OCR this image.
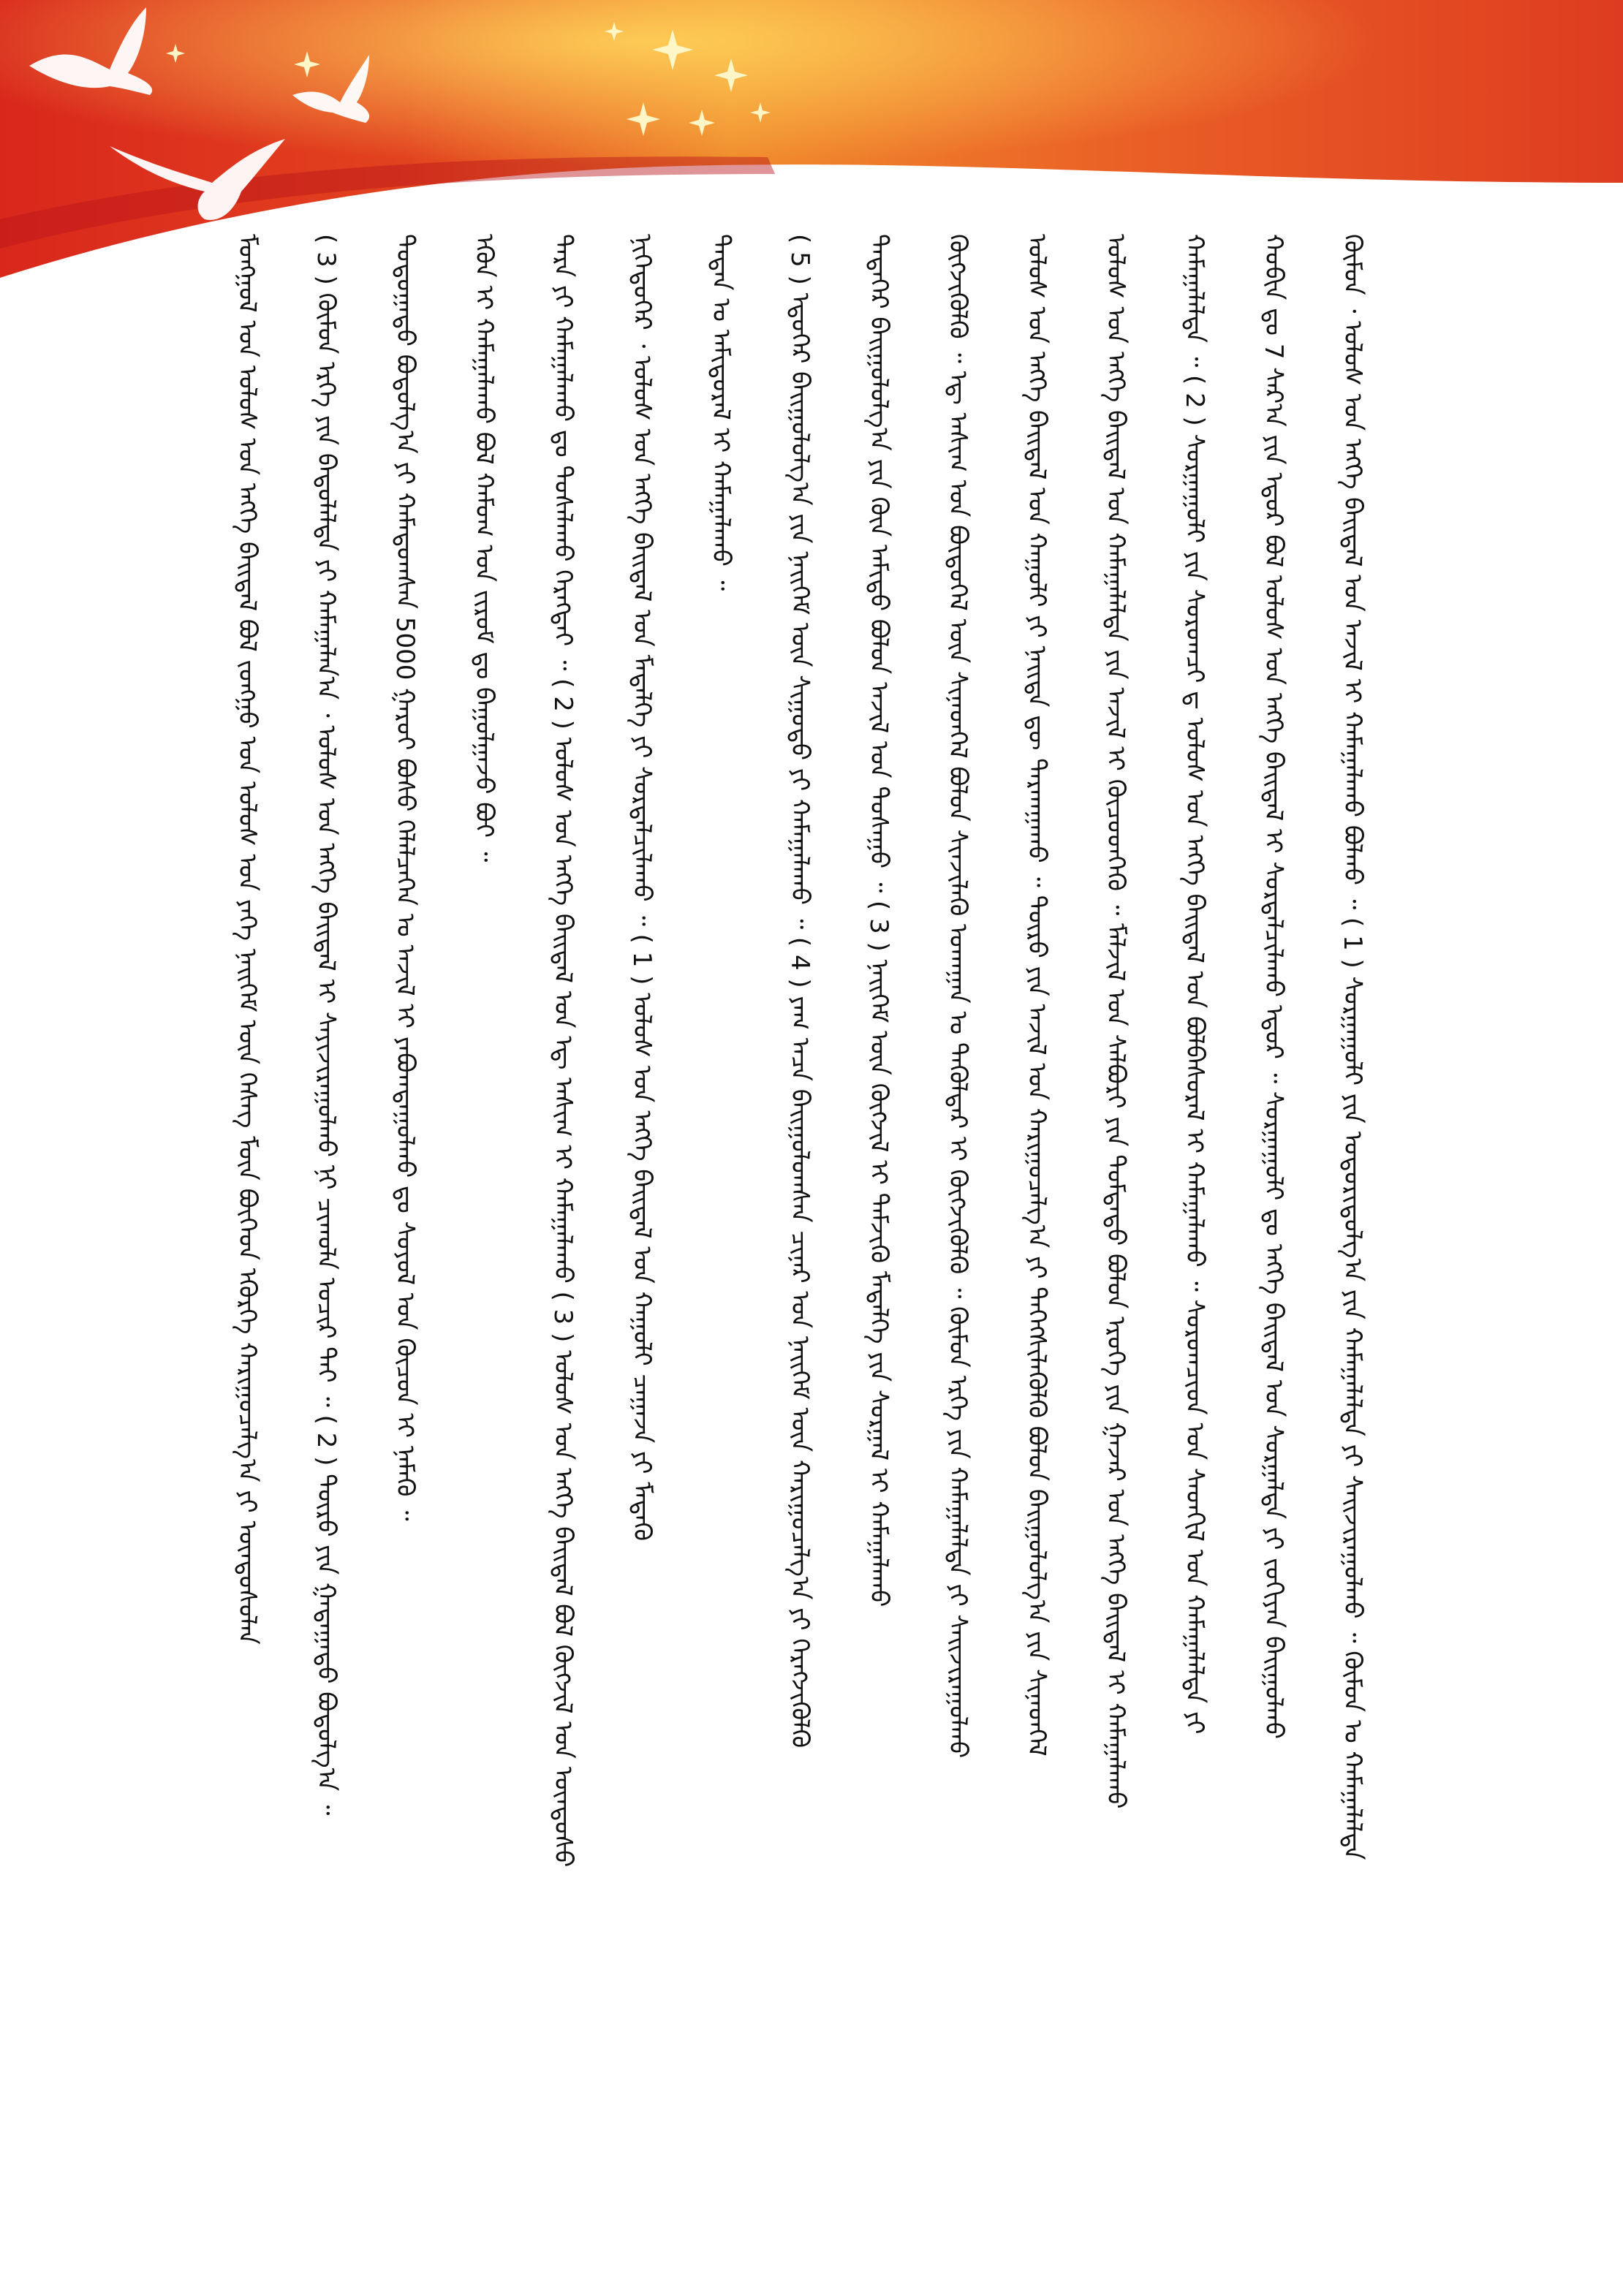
ᠮᠣᠩᠭᠣᠯ ᠤᠨ ᠤᠯᠤᠰ ᠤᠨ ᠡᠩᠭᠡ ᠪᠠᠢᠳᠠᠯ ᠪᠣᠯ ᠵᠣᠩᠭᠣ ᠤᠨ ᠤᠯᠤᠰ ᠤᠨ ᠶᠡᠬᠡ ᠨᠡᠢᠭᠡᠮ ᠦᠨ ᠬᠡᠰᠡᠭ ᠮᠥᠨ ᠪᠥᠭᠡᠳ ᠡᠭᠦᠷᠭᠡ ᠬᠠᠷᠢᠭᠤᠴᠠᠯᠭ᠎ᠠ ᠶᠢ ᠦᠨᠳᠦᠰᠦᠯᠡᠨ ( 3 ) ᠬᠦᠮᠦᠨ ᠡᠷᠬᠡ ᠶᠢᠨ ᠪᠠᠲᠤᠯᠠᠯᠲᠠ ᠶᠢ ᠬᠠᠮᠠᠭᠠᠯᠠᠨ᠎ᠠ ᠂ ᠤᠯᠤᠰ ᠤᠨ ᠡᠩᠭᠡ ᠪᠠᠢᠳᠠᠯ ᠢ ᠰᠠᠶᠢᠵᠢᠷᠠᠭᠤᠯᠬᠤ ᠨᠢ ᠴᠢᠬᠤᠯᠠ ᠤᠴᠢᠷ ᠲᠠᠢ ᠃ ( 2 ) ᠲᠥᠷᠥ ᠶᠢᠨ ᠭᠠᠳᠠᠭᠠᠳᠤ ᠪᠣᠳᠣᠯᠭ᠎ᠠ ᠃ ᠳᠣᠲᠣᠭᠠᠳᠤ ᠪᠣᠳᠣᠯᠭ᠎ᠠ ᠶᠢ ᠬᠠᠮᠠᠳᠤᠭᠰᠠᠨ 5000 ᠭᠠᠷᠤᠢ ᠪᠤᠰᠤ ᠬᠡᠯᠡᠯᠴᠡᠭᠡᠨ ᠤ ᠠᠵᠢᠯ ᠢ ᠶᠠᠪᠤᠭᠳᠠᠭᠤᠯᠬᠤ ᠳᠤ ᠰᠣᠶᠣᠯ ᠤᠨ ᠬᠦᠴᠦᠨ ᠢ ᠨᠡᠮᠡᠬᠦ ᠃ ᠡᠭᠦᠨ ᠢ ᠬᠠᠮᠠᠭᠠᠯᠠᠬᠤ ᠪᠣᠯ ᠬᠠᠮᠤᠭ ᠤᠨ ᠵᠢᠷᠤᠮ ᠳᠤ ᠪᠠᠭᠤᠯᠭᠠᠵᠤ ᠪᠣᠢ ᠃ ᠲᠡᠷᠡ ᠶᠢ ᠬᠠᠮᠠᠭᠠᠯᠠᠬᠤ ᠳᠣ ᠲᠤᠰᠠᠯᠠᠬᠤ ᠬᠡᠷᠡᠭᠲᠡᠢ ᠃ ( 2 ) ᠤᠯᠤᠰ ᠤᠨ ᠡᠩᠭᠡ ᠪᠠᠢᠳᠠᠯ ᠤᠨ ᠡᠳ᠋ ᠠᠰᠢᠭ ᠢ ᠬᠠᠮᠠᠭᠠᠯᠠᠬᠤ ( 3 ) ᠤᠯᠤᠰ ᠤᠨ ᠡᠩᠭᠡ ᠪᠠᠢᠳᠠᠯ ᠪᠣᠯ ᠬᠥᠭᠵᠢᠯ ᠤᠨ ᠦᠨᠳᠦᠰᠦ ᠨᠢᠭᠡᠳᠦᠭᠡᠷ ᠂ ᠤᠯᠤᠰ ᠤᠨ ᠡᠩᠭᠡ ᠪᠠᠢᠳᠠᠯ ᠤᠨ ᠮᠡᠳᠡᠯᠭᠡ ᠶᠢ ᠰᠤᠷᠲᠠᠯᠴᠢᠯᠠᠬᠤ ᠃ ( 1 ) ᠤᠯᠤᠰ ᠤᠨ ᠡᠩᠭᠡ ᠪᠠᠢᠳᠠᠯ ᠤᠨ ᠬᠠᠭᠤᠯᠢ ᠴᠠᠭᠠᠵᠠ ᠶᠢ ᠮᠡᠳᠡᠬᠦ ᠲᠡᠳᠡᠨ ᠤ ᠠᠮᠢᠳᠤᠷᠠᠯ ᠢ ᠬᠠᠮᠠᠭᠠᠯᠠᠬᠤ ᠃ ( 5 ) ᠡᠳᠦᠭᠡᠷ ᠪᠠᠢᠭᠤᠯᠤᠯᠭ᠎ᠠ ᠶᠢᠨ ᠨᠡᠢᠭᠡᠮ ᠦᠨ ᠰᠢᠭ᠋ᠤᠳᠤ ᠶᠢ ᠬᠠᠮᠠᠭᠠᠯᠠᠬᠤ ᠃ ( 4 ) ᠶᠠᠭ ᠠᠴᠠ ᠪᠠᠢᠭᠤᠯᠤᠭᠰᠠᠨ ᠴᠢᠨᠠᠷ ᠤᠨ ᠨᠡᠢᠭᠡᠮ ᠦᠨ ᠬᠠᠷᠢᠭᠤᠴᠠᠯᠭ᠎ᠠ ᠶᠢ ᠬᠡᠷᠡᠭᠵᠢᠭᠦᠯᠬᠦ ᠲᠡᠳᠡᠭᠡᠷ ᠪᠠᠢᠭᠤᠯᠤᠯᠭ᠎ᠠ ᠶᠢᠨ ᠬᠦᠨ ᠠᠮᠢᠳᠤ ᠪᠣᠯᠤᠨ ᠠᠵᠢᠯ ᠤᠨ ᠲᠤᠰᠠᠭᠤ ᠃ ( 3 ) ᠨᠡᠢᠭᠡᠮ ᠦᠨ ᠬᠥᠭᠵᠢᠯ ᠢ ᠳᠡᠮᠵᠢᠬᠦ ᠮᠡᠳᠡᠯᠭᠡ ᠶᠢᠨ ᠰᠤᠷᠭᠠᠯ ᠢ ᠬᠠᠮᠠᠭᠠᠯᠠᠬᠤ ᠬᠥᠭᠵᠢᠭᠦᠯᠬᠦ ᠃ ᠡᠳ᠋ ᠠᠰᠢᠭ ᠤᠨ ᠪᠦᠲᠦᠭᠡᠯ ᠦᠨ ᠰᠢᠨᠡᠳᠬᠡᠯ ᠪᠣᠯᠤᠨ ᠰᠢᠨᠵᠢᠯᠡᠬᠦ ᠤᠬᠠᠭᠠᠨ ᠤ ᠲᠡᠭᠦᠯᠳᠡᠷ ᠢ ᠬᠥᠭᠵᠢᠭᠦᠯᠬᠦ ᠃ ᠬᠦᠮᠦᠨ ᠡᠷᠬᠡ ᠶᠢᠨ ᠬᠠᠮᠠᠭᠠᠯᠠᠯᠲᠠ ᠶᠢ ᠰᠠᠢᠵᠢᠷᠠᠭᠤᠯᠬᠤ ᠤᠯᠤᠰ ᠤᠨ ᠡᠩᠭᠡ ᠪᠠᠢᠳᠠᠯ ᠤᠨ ᠬᠠᠭᠤᠯᠢ ᠶᠢ ᠨᠡᠢᠲᠡ ᠳᠦ ᠲᠠᠷᠬᠠᠭᠠᠬᠤ ᠃ ᠲᠥᠷᠥ ᠶᠢᠨ ᠠᠵᠢᠯ ᠤᠨ ᠬᠠᠷᠢᠭᠤᠴᠠᠯᠭ᠎ᠠ ᠶᠢ ᠳᠡᠭᠡᠭᠰᠢᠯᠡᠭᠦᠯᠬᠦ ᠪᠣᠯᠤᠨ ᠪᠠᠢᠭᠤᠯᠤᠯᠭ᠎ᠠ ᠶᠢᠨ ᠰᠢᠨᠡᠳᠬᠡᠯ ᠤᠯᠤᠰ ᠤᠨ ᠡᠩᠭᠡ ᠪᠠᠢᠳᠠᠯ ᠤᠨ ᠬᠠᠮᠠᠭᠠᠯᠠᠯᠲᠠ ᠶᠢᠨ ᠠᠵᠢᠯ ᠢ ᠬᠦᠴᠦᠳᠬᠡᠬᠦ ᠃ ᠮᠠᠯᠵᠢᠯ ᠤᠨ ᠰᠠᠯᠪᠤᠷᠢ ᠶᠢᠨ ᠳᠤᠮᠳᠠᠳᠤ ᠪᠣᠯᠤᠨ ᠡᠷᠦᠬᠡ ᠶᠢᠨ ᠭᠠᠵᠠᠷ ᠤᠨ ᠡᠩᠭᠡ ᠪᠠᠢᠳᠠᠯ ᠢ ᠬᠠᠮᠠᠭᠠᠯᠠᠬᠤ ᠬᠠᠮᠠᠭᠠᠯᠠᠯᠲᠠ ᠃ ( 2 ) ᠰᠤᠷᠭᠠᠭᠤᠯᠢ ᠶᠢᠨ ᠰᠤᠷᠤᠭᠴᠢ ᠳ ᠤᠯᠤᠰ ᠤᠨ ᠡᠩᠭᠡ ᠪᠠᠢᠳᠠᠯ ᠤᠨ ᠪᠣᠯᠪᠠᠰᠤᠷᠠᠯ ᠢ ᠬᠠᠮᠠᠭᠠᠯᠠᠬᠤ ᠃ ᠰᠤᠷᠤᠭᠴᠢᠳ ᠤᠨ ᠰᠡᠳᠬᠢᠯ ᠤᠨ ᠬᠠᠮᠠᠭᠠᠯᠠᠯᠲᠠ ᠶᠢ ᠬᠤᠪᠢᠨ ᠳᠤ 7 ᠰᠠᠷ᠎ᠠ ᠶᠢᠨ ᠡᠳᠦᠷ ᠪᠣᠯ ᠤᠯᠤᠰ ᠤᠨ ᠡᠩᠭᠡ ᠪᠠᠢᠳᠠᠯ ᠢ ᠰᠤᠷᠲᠠᠯᠴᠢᠯᠠᠬᠤ ᠡᠳᠦᠷ ᠃ ᠰᠤᠷᠭᠠᠭᠤᠯᠢ ᠳᠤ ᠡᠩᠭᠡ ᠪᠠᠢᠳᠠᠯ ᠤᠨ ᠰᠤᠷᠭᠠᠯᠲᠠ ᠶᠢ ᠵᠤᠬᠢᠶᠠᠨ ᠪᠠᠢᠭᠤᠯᠬᠤ ᠬᠦᠮᠦᠨ ᠂ ᠤᠯᠤᠰ ᠤᠨ ᠡᠩᠭᠡ ᠪᠠᠢᠳᠠᠯ ᠤᠨ ᠠᠵᠢᠯ ᠢ ᠬᠠᠮᠠᠭᠠᠯᠠᠬᠤ ᠪᠣᠯᠬᠤ ᠃ ( 1 ) ᠰᠤᠷᠭᠠᠭᠤᠯᠢ ᠶᠢᠨ ᠤᠳᠤᠷᠢᠳᠤᠯᠭ᠎ᠠ ᠶᠢᠨ ᠬᠠᠮᠠᠭᠠᠯᠠᠯᠲᠠ ᠶᠢ ᠰᠠᠢᠵᠢᠷᠠᠭᠤᠯᠬᠤ ᠃ ᠬᠦᠮᠦᠨ ᠤ ᠬᠠᠮᠠᠭᠠᠯᠠᠯᠲᠠ
